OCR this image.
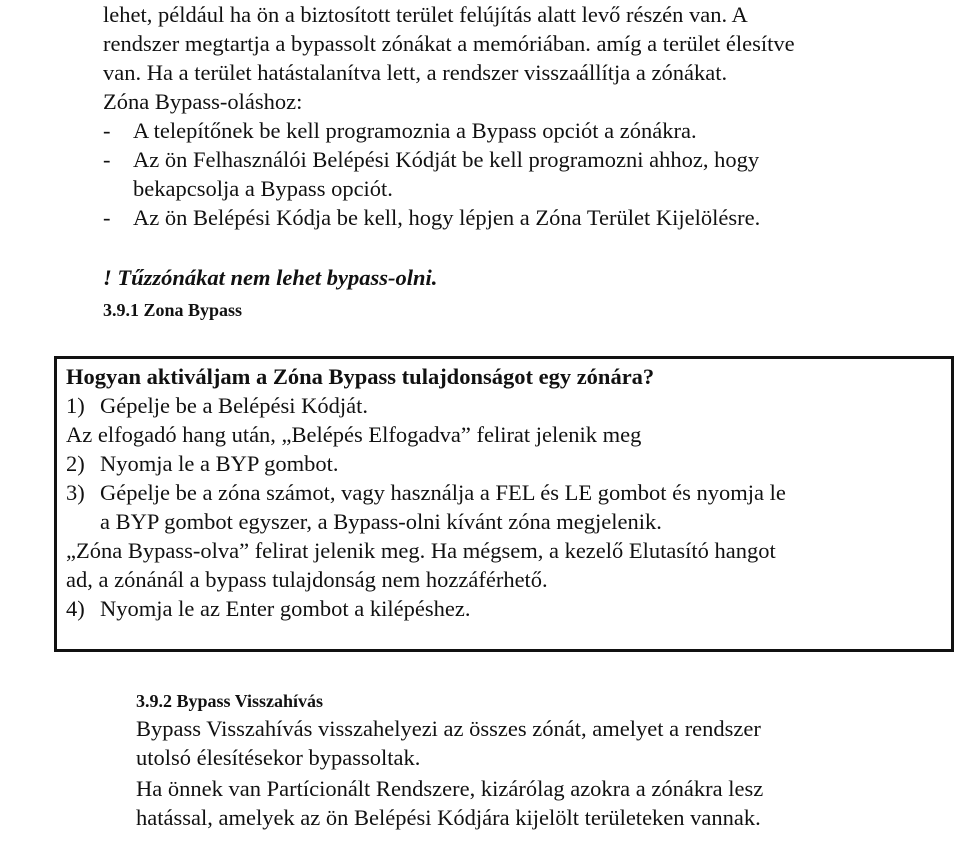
lehet, például ha ön a biztosított terület felújítás alatt levő részén van. A
rendszer megtartja a bypassolt zónákat a memóriában. amíg a terület élesítve
van. Ha a terület hatástalanítva lett, a rendszer visszaállítja a zónákat.
Zóna Bypass-oláshoz:
- A telepítőnek be kell programoznia a Bypass opciót a zónákra.
- Az ön Felhasználói Belépési Kódját be kell programozni ahhoz, hogy
bekapcsolja a Bypass opciót.
- Az ön Belépési Kódja be kell, hogy lépjen a Zóna Terület Kijelölésre.
! Tűzzónákat nem lehet bypass-olni.
3.9.1 Zona Bypass
Hogyan aktiváljam a Zóna Bypass tulajdonságot egy zónára?
1) Gépelje be a Belépési Kódját.
Az elfogadó hang után, „Belépés Elfogadva” felirat jelenik meg
2) Nyomja le a BYP gombot.
3) Gépelje be a zóna számot, vagy használja a FEL és LE gombot és nyomja le
a BYP gombot egyszer, a Bypass-olni kívánt zóna megjelenik.
„Zóna Bypass-olva” felirat jelenik meg. Ha mégsem, a kezelő Elutasító hangot
ad, a zónánál a bypass tulajdonság nem hozzáférhető.
4) Nyomja le az Enter gombot a kilépéshez.
3.9.2 Bypass Visszahívás
Bypass Visszahívás visszahelyezi az összes zónát, amelyet a rendszer
utolsó élesítésekor bypassoltak.
Ha önnek van Partícionált Rendszere, kizárólag azokra a zónákra lesz
hatással, amelyek az ön Belépési Kódjára kijelölt területeken vannak.
